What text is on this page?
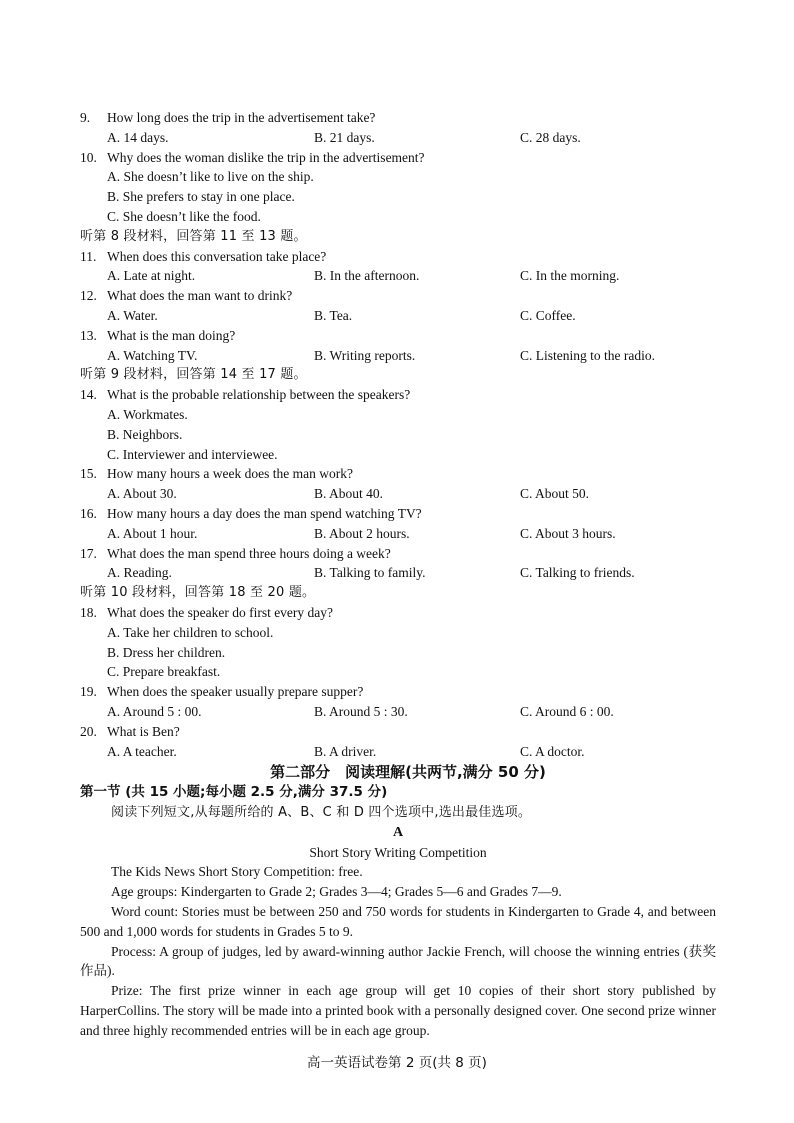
9. How long does the trip in the advertisement take?
A. 14 days.	B. 21 days.	C. 28 days.
10. Why does the woman dislike the trip in the advertisement?
A. She doesn’t like to live on the ship.
B. She prefers to stay in one place.
C. She doesn’t like the food.
听第 8 段材料，回答第 11 至 13 题。
11. When does this conversation take place?
A. Late at night.	B. In the afternoon.	C. In the morning.
12. What does the man want to drink?
A. Water.	B. Tea.	C. Coffee.
13. What is the man doing?
A. Watching TV.	B. Writing reports.	C. Listening to the radio.
听第 9 段材料，回答第 14 至 17 题。
14. What is the probable relationship between the speakers?
A. Workmates.
B. Neighbors.
C. Interviewer and interviewee.
15. How many hours a week does the man work?
A. About 30.	B. About 40.	C. About 50.
16. How many hours a day does the man spend watching TV?
A. About 1 hour.	B. About 2 hours.	C. About 3 hours.
17. What does the man spend three hours doing a week?
A. Reading.	B. Talking to family.	C. Talking to friends.
听第 10 段材料，回答第 18 至 20 题。
18. What does the speaker do first every day?
A. Take her children to school.
B. Dress her children.
C. Prepare breakfast.
19. When does the speaker usually prepare supper?
A. Around 5 : 00.	B. Around 5 : 30.	C. Around 6 : 00.
20. What is Ben?
A. A teacher.	B. A driver.	C. A doctor.
第二部分　阅读理解(共两节,满分 50 分)
第一节 (共 15 小题;每小题 2.5 分,满分 37.5 分)
阅读下列短文,从每题所给的 A、B、C 和 D 四个选项中,选出最佳选项。
A
Short Story Writing Competition
The Kids News Short Story Competition: free.
Age groups: Kindergarten to Grade 2; Grades 3—4; Grades 5—6 and Grades 7—9.
Word count: Stories must be between 250 and 750 words for students in Kindergarten to Grade 4, and between 500 and 1,000 words for students in Grades 5 to 9.
Process: A group of judges, led by award-winning author Jackie French, will choose the winning entries (获奖作品).
Prize: The first prize winner in each age group will get 10 copies of their short story published by HarperCollins. The story will be made into a printed book with a personally designed cover. One second prize winner and three highly recommended entries will be in each age group.
高一英语试卷第 2 页(共 8 页)
